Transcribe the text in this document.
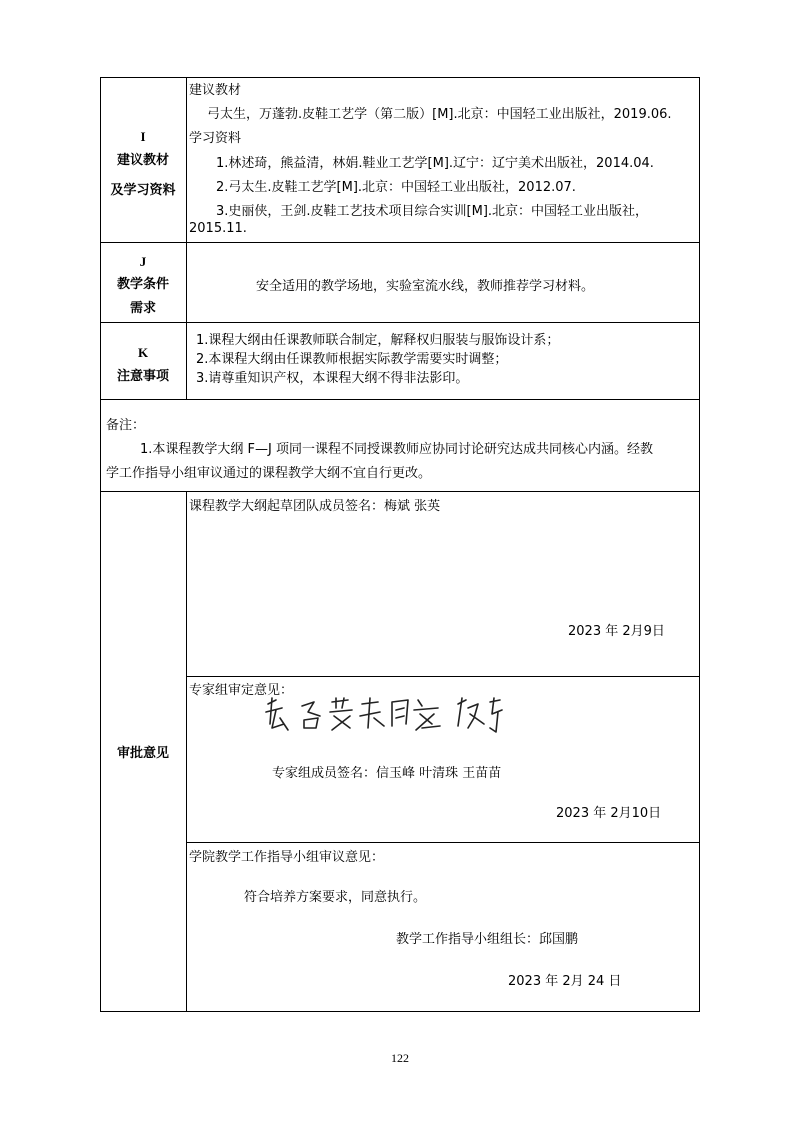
I
建议教材
及学习资料
建议教材
弓太生，万蓬勃.皮鞋工艺学（第二版）[M].北京：中国轻工业出版社，2019.06.
学习资料
1.林述琦，熊益清，林娟.鞋业工艺学[M].辽宁：辽宁美术出版社，2014.04.
2.弓太生.皮鞋工艺学[M].北京：中国轻工业出版社，2012.07.
3.史丽侠，王剑.皮鞋工艺技术项目综合实训[M].北京：中国轻工业出版社，
2015.11.
J
教学条件
需求
安全适用的教学场地，实验室流水线，教师推荐学习材料。
K
注意事项
1.课程大纲由任课教师联合制定，解释权归服装与服饰设计系；
2.本课程大纲由任课教师根据实际教学需要实时调整；
3.请尊重知识产权，本课程大纲不得非法影印。
备注：
1.本课程教学大纲 F—J 项同一课程不同授课教师应协同讨论研究达成共同核心内涵。经教
学工作指导小组审议通过的课程教学大纲不宜自行更改。
审批意见
课程教学大纲起草团队成员签名：梅斌 张英
2023 年 2月9日
专家组审定意见：
专家组成员签名：信玉峰 叶清珠 王苗苗
2023 年 2月10日
学院教学工作指导小组审议意见：
符合培养方案要求，同意执行。
教学工作指导小组组长：邱国鹏
2023 年 2月 24 日
122
